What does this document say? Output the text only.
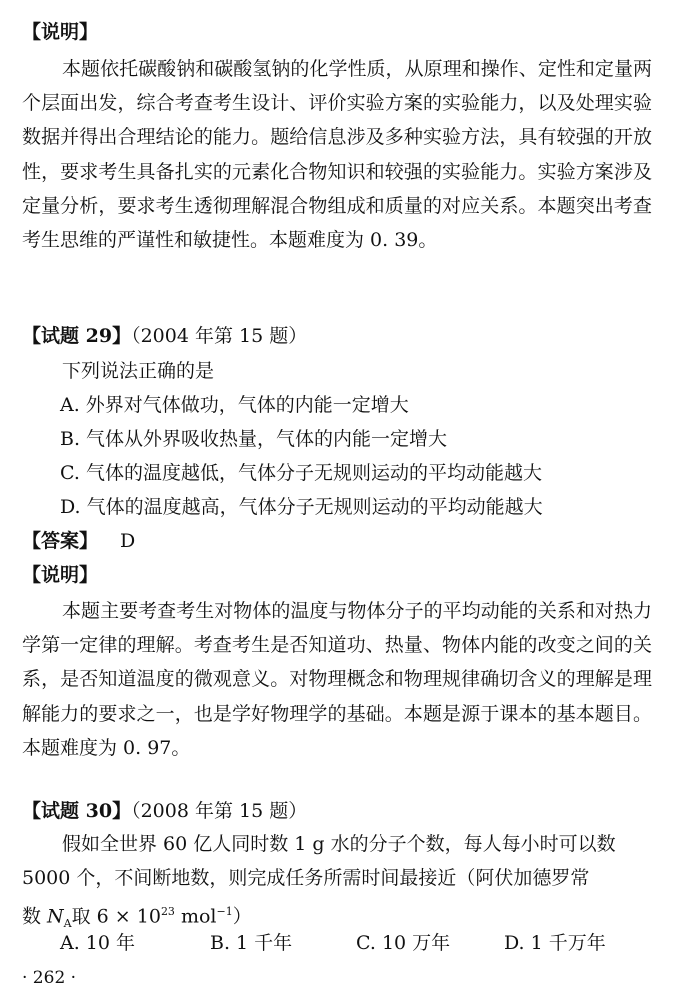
【说明】
本题依托碳酸钠和碳酸氢钠的化学性质，从原理和操作、定性和定量两个层面出发，综合考查考生设计、评价实验方案的实验能力，以及处理实验数据并得出合理结论的能力。题给信息涉及多种实验方法，具有较强的开放性，要求考生具备扎实的元素化合物知识和较强的实验能力。实验方案涉及定量分析，要求考生透彻理解混合物组成和质量的对应关系。本题突出考查考生思维的严谨性和敏捷性。本题难度为 0. 39。
【试题 29】（2004 年第 15 题）
下列说法正确的是
A. 外界对气体做功，气体的内能一定增大
B. 气体从外界吸收热量，气体的内能一定增大
C. 气体的温度越低，气体分子无规则运动的平均动能越大
D. 气体的温度越高，气体分子无规则运动的平均动能越大
【答案】 D
【说明】
本题主要考查考生对物体的温度与物体分子的平均动能的关系和对热力学第一定律的理解。考查考生是否知道功、热量、物体内能的改变之间的关系，是否知道温度的微观意义。对物理概念和物理规律确切含义的理解是理解能力的要求之一，也是学好物理学的基础。本题是源于课本的基本题目。本题难度为 0. 97。
【试题 30】（2008 年第 15 题）
假如全世界 60 亿人同时数 1 g 水的分子个数，每人每小时可以数
5000 个，不间断地数，则完成任务所需时间最接近（阿伏加德罗常
数 $N_A$取 $6 \times 10^{23}$ mol$^{-1}$）
A. 10 年	B. 1 千年	C. 10 万年	D. 1 千万年
· 262 ·
